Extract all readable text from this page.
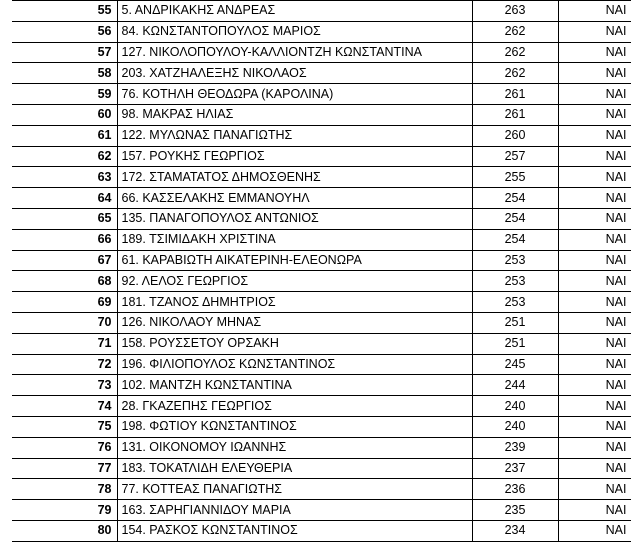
	55	5. ΑΝΔΡΙΚΑΚΗΣ ΑΝΔΡΕΑΣ	263	ΝΑΙ
	56	84. ΚΩΝΣΤΑΝΤΟΠΟΥΛΟΣ ΜΑΡΙΟΣ	262	ΝΑΙ
	57	127. ΝΙΚΟΛΟΠΟΥΛΟΥ-ΚΑΛΛΙΟΝΤΖΗ ΚΩΝΣΤΑΝΤΙΝΑ	262	ΝΑΙ
	58	203. ΧΑΤΖΗΑΛΕΞΗΣ ΝΙΚΟΛΑΟΣ	262	ΝΑΙ
	59	76. ΚΟΤΗΛΗ ΘΕΟΔΩΡΑ (ΚΑΡΟΛΙΝΑ)	261	ΝΑΙ
	60	98. ΜΑΚΡΑΣ ΗΛΙΑΣ	261	ΝΑΙ
	61	122. ΜΥΛΩΝΑΣ ΠΑΝΑΓΙΩΤΗΣ	260	ΝΑΙ
	62	157. ΡΟΥΚΗΣ ΓΕΩΡΓΙΟΣ	257	ΝΑΙ
	63	172. ΣΤΑΜΑΤΑΤΟΣ ΔΗΜΟΣΘΕΝΗΣ	255	ΝΑΙ
	64	66. ΚΑΣΣΕΛΑΚΗΣ ΕΜΜΑΝΟΥΗΛ	254	ΝΑΙ
	65	135. ΠΑΝΑΓΟΠΟΥΛΟΣ ΑΝΤΩΝΙΟΣ	254	ΝΑΙ
	66	189. ΤΣΙΜΙΔΑΚΗ ΧΡΙΣΤΙΝΑ	254	ΝΑΙ
	67	61. ΚΑΡΑΒΙΩΤΗ ΑΙΚΑΤΕΡΙΝΗ-ΕΛΕΟΝΩΡΑ	253	ΝΑΙ
	68	92. ΛΕΛΟΣ ΓΕΩΡΓΙΟΣ	253	ΝΑΙ
	69	181. ΤΖΑΝΟΣ ΔΗΜΗΤΡΙΟΣ	253	ΝΑΙ
	70	126. ΝΙΚΟΛΑΟΥ ΜΗΝΑΣ	251	ΝΑΙ
	71	158. ΡΟΥΣΣΕΤΟΥ ΟΡΣΑΚΗ	251	ΝΑΙ
	72	196. ΦΙΛΙΟΠΟΥΛΟΣ ΚΩΝΣΤΑΝΤΙΝΟΣ	245	ΝΑΙ
	73	102. ΜΑΝΤΖΗ ΚΩΝΣΤΑΝΤΙΝΑ	244	ΝΑΙ
	74	28. ΓΚΑΖΕΠΗΣ ΓΕΩΡΓΙΟΣ	240	ΝΑΙ
	75	198. ΦΩΤΙΟΥ ΚΩΝΣΤΑΝΤΙΝΟΣ	240	ΝΑΙ
	76	131. ΟΙΚΟΝΟΜΟΥ ΙΩΑΝΝΗΣ	239	ΝΑΙ
	77	183. ΤΟΚΑΤΛΙΔΗ ΕΛΕΥΘΕΡΙΑ	237	ΝΑΙ
	78	77. ΚΟΤΤΕΑΣ ΠΑΝΑΓΙΩΤΗΣ	236	ΝΑΙ
	79	163. ΣΑΡΗΓΙΑΝΝΙΔΟΥ ΜΑΡΙΑ	235	ΝΑΙ
	80	154. ΡΑΣΚΟΣ ΚΩΝΣΤΑΝΤΙΝΟΣ	234	ΝΑΙ
